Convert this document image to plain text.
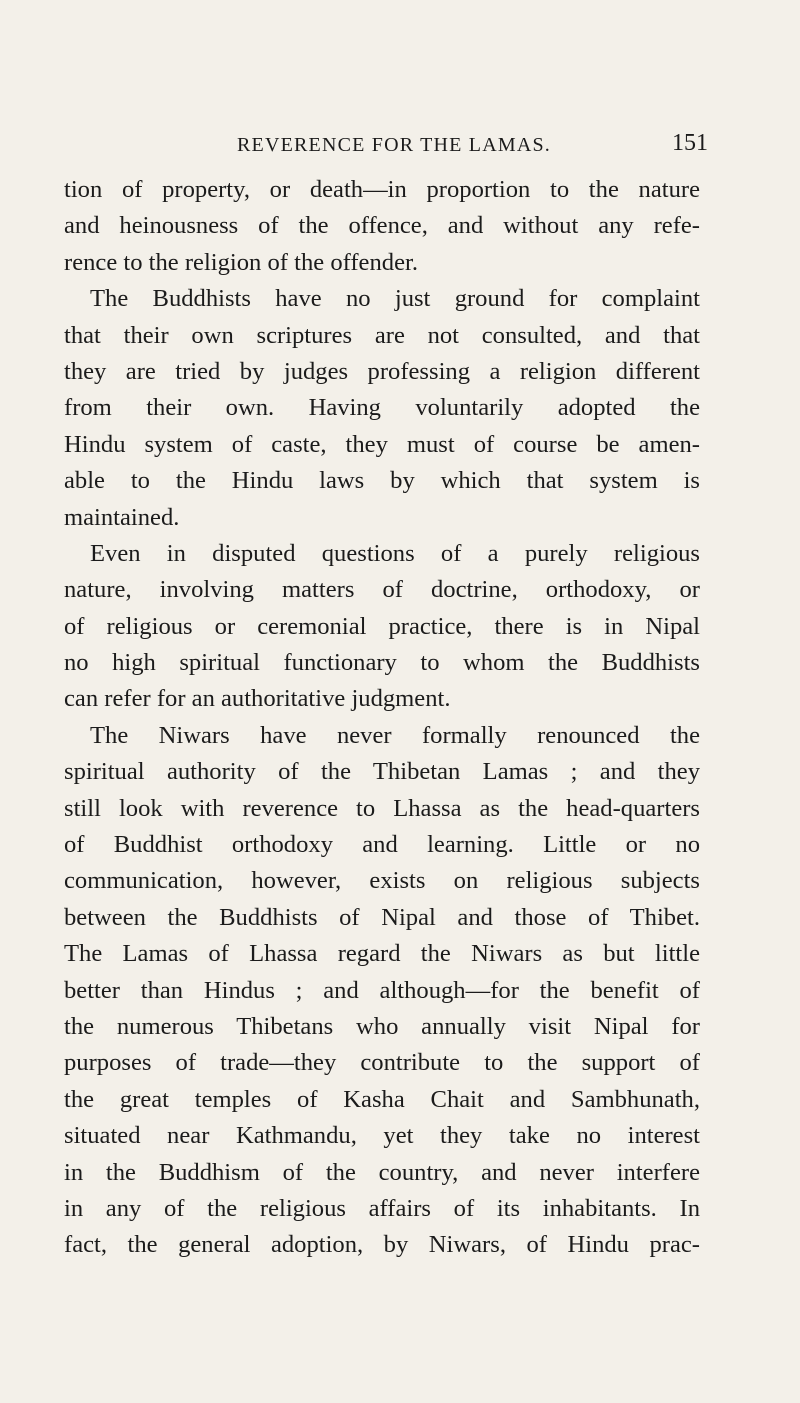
REVERENCE FOR THE LAMAS.	151
tion of property, or death—in proportion to the nature
and heinousness of the offence, and without any refe-
rence to the religion of the offender.
The Buddhists have no just ground for complaint
that their own scriptures are not consulted, and that
they are tried by judges professing a religion different
from their own. Having voluntarily adopted the
Hindu system of caste, they must of course be amen-
able to the Hindu laws by which that system is
maintained.
Even in disputed questions of a purely religious
nature, involving matters of doctrine, orthodoxy, or
of religious or ceremonial practice, there is in Nipal
no high spiritual functionary to whom the Buddhists
can refer for an authoritative judgment.
The Niwars have never formally renounced the
spiritual authority of the Thibetan Lamas ; and they
still look with reverence to Lhassa as the head-quarters
of Buddhist orthodoxy and learning. Little or no
communication, however, exists on religious subjects
between the Buddhists of Nipal and those of Thibet.
The Lamas of Lhassa regard the Niwars as but little
better than Hindus ; and although—for the benefit of
the numerous Thibetans who annually visit Nipal for
purposes of trade—they contribute to the support of
the great temples of Kasha Chait and Sambhunath,
situated near Kathmandu, yet they take no interest
in the Buddhism of the country, and never interfere
in any of the religious affairs of its inhabitants. In
fact, the general adoption, by Niwars, of Hindu prac-
